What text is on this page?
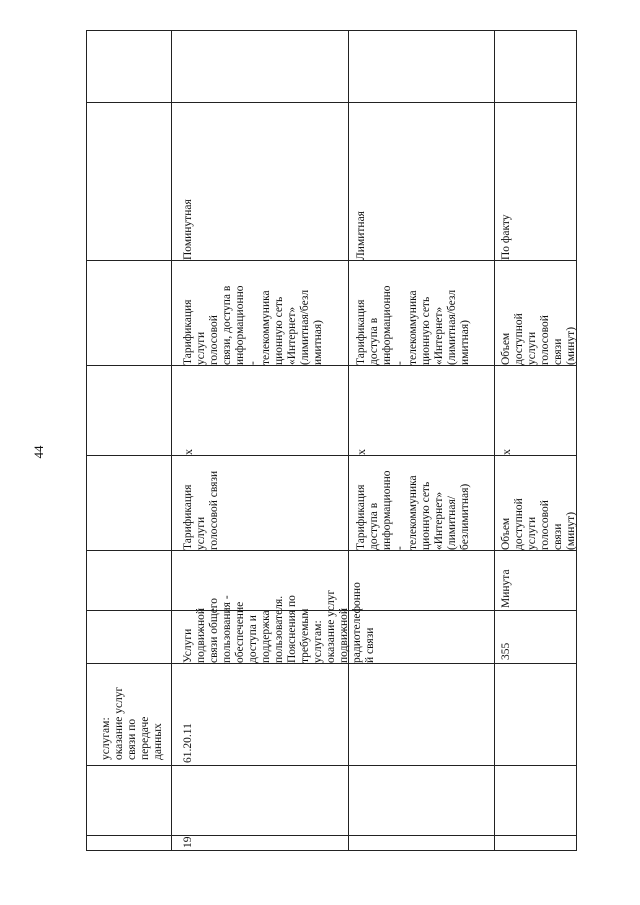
44
услугам:
оказание услуг
связи по
передаче
данных
19
61.20.11
Услуги
подвижной
связи общего
пользования -
обеспечение
доступа и
поддержка
пользователя.
Пояснения по
требуемым
услугам:
оказание услуг
подвижной
радиотелефонно
й связи
Тарификация
услуги
голосовой связи
x
Тарификация
услуги
голосовой
связи, доступа в
информационно
-
телекоммуника
ционную сеть
«Интернет»
(лимитная/безл
имитная)
Поминутная
Тарификация
доступа в
информационно
-
телекоммуника
ционную сеть
«Интернет»
(лимитная/
безлимитная)
x
Тарификация
доступа в
информационно
-
телекоммуника
ционную сеть
«Интернет»
(лимитная/безл
имитная)
Лимитная
355
Минута
Объем
доступной
услуги
голосовой связи
(минут)
x
Объем
доступной
услуги
голосовой связи
(минут)
По факту
